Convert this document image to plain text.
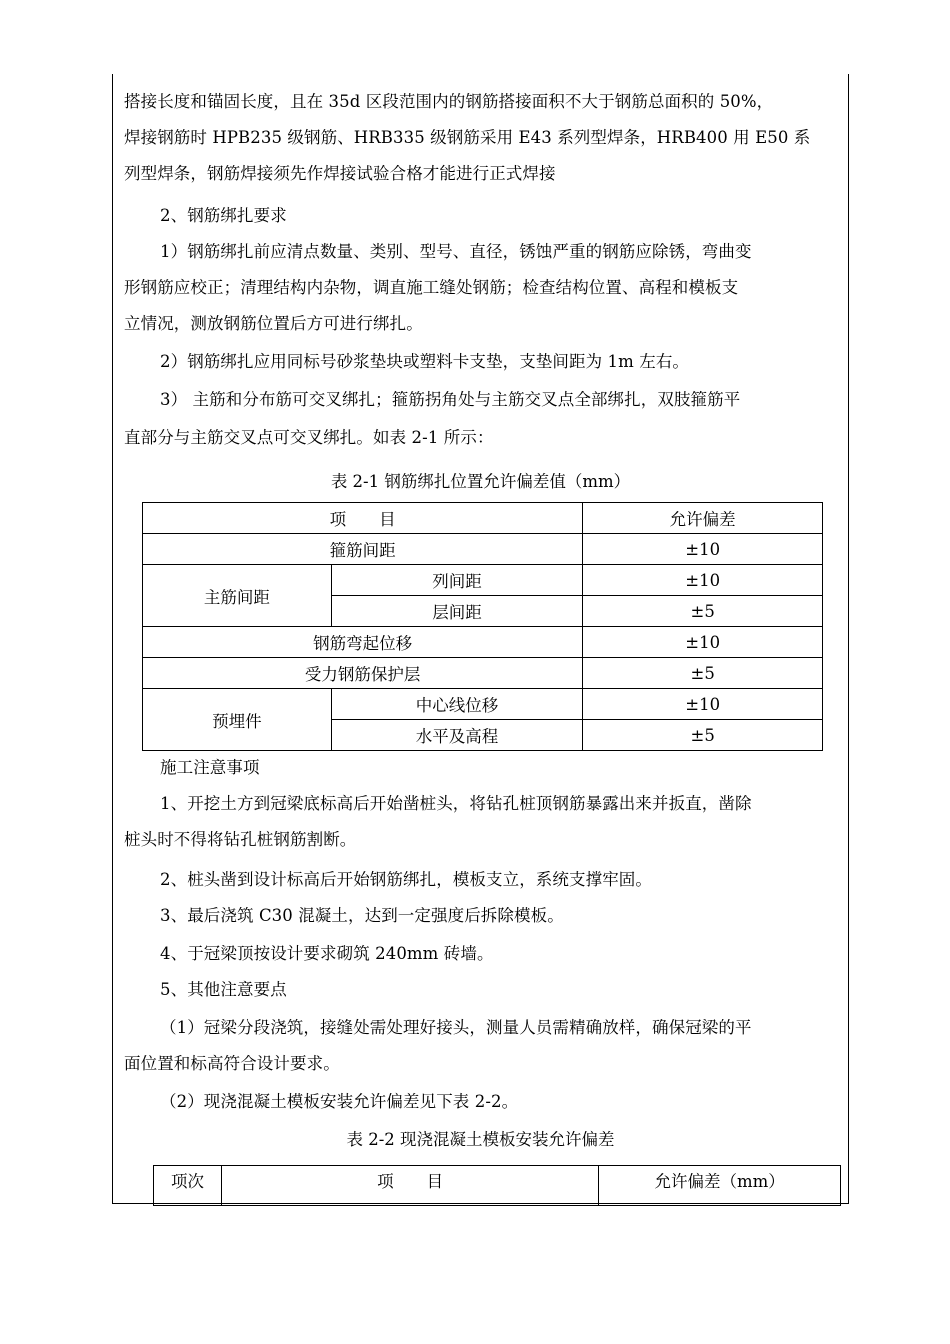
搭接长度和锚固长度，且在 35d 区段范围内的钢筋搭接面积不大于钢筋总面积的 50%，
焊接钢筋时 HPB235 级钢筋、HRB335 级钢筋采用 E43 系列型焊条，HRB400 用 E50 系
列型焊条，钢筋焊接须先作焊接试验合格才能进行正式焊接
2、钢筋绑扎要求
1）钢筋绑扎前应清点数量、类别、型号、直径，锈蚀严重的钢筋应除锈，弯曲变
形钢筋应校正；清理结构内杂物，调直施工缝处钢筋；检查结构位置、高程和模板支
立情况，测放钢筋位置后方可进行绑扎。
2）钢筋绑扎应用同标号砂浆垫块或塑料卡支垫，支垫间距为 1m 左右。
3） 主筋和分布筋可交叉绑扎；箍筋拐角处与主筋交叉点全部绑扎，双肢箍筋平
直部分与主筋交叉点可交叉绑扎。如表 2-1 所示：
表 2-1 钢筋绑扎位置允许偏差值（mm）
项　　目		允许偏差
箍筋间距		±10
主筋间距	列间距	±10
	层间距	±5
钢筋弯起位移		±10
受力钢筋保护层		±5
预埋件	中心线位移	±10
	水平及高程	±5
施工注意事项
1、开挖土方到冠梁底标高后开始凿桩头，将钻孔桩顶钢筋暴露出来并扳直，凿除
桩头时不得将钻孔桩钢筋割断。
2、桩头凿到设计标高后开始钢筋绑扎，模板支立，系统支撑牢固。
3、最后浇筑 C30 混凝土，达到一定强度后拆除模板。
4、于冠梁顶按设计要求砌筑 240mm 砖墙。
5、其他注意要点
（1）冠梁分段浇筑，接缝处需处理好接头，测量人员需精确放样，确保冠梁的平
面位置和标高符合设计要求。
（2）现浇混凝土模板安装允许偏差见下表 2-2。
表 2-2 现浇混凝土模板安装允许偏差
项次	项　　目	允许偏差（mm）
